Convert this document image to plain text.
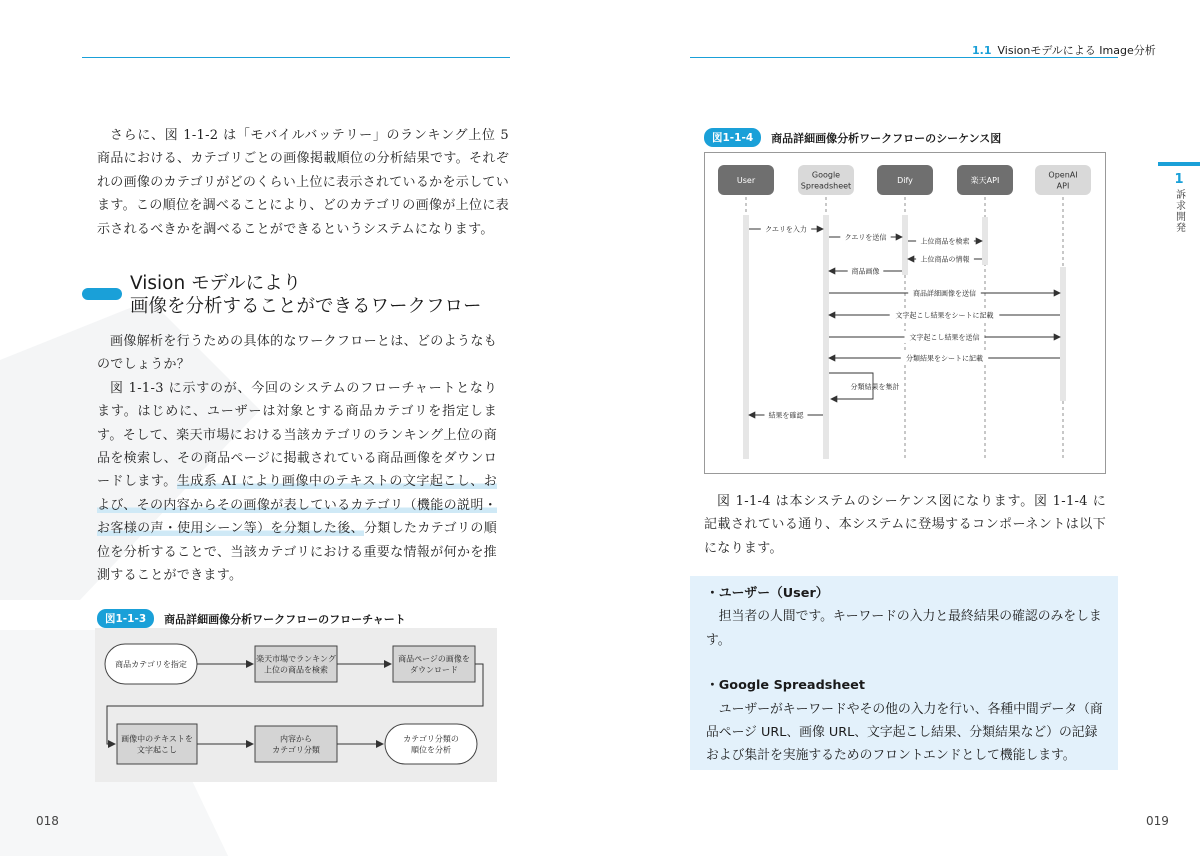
さらに、図 1-1-2 は「モバイルバッテリー」のランキング上位 5 商品における、カテゴリごとの画像掲載順位の分析結果です。それぞれの画像のカテゴリがどのくらい上位に表示されているかを示しています。この順位を調べることにより、どのカテゴリの画像が上位に表示されるべきかを調べることができるというシステムになります。

Vision モデルにより
画像を分析することができるワークフロー

画像解析を行うための具体的なワークフローとは、どのようなものでしょうか？

図 1-1-3 に示すのが、今回のシステムのフローチャートとなります。はじめに、ユーザーは対象とする商品カテゴリを指定します。そして、楽天市場における当該カテゴリのランキング上位の商品を検索し、その商品ページに掲載されている商品画像をダウンロードします。生成系 AI により画像中のテキストの文字起こし、および、その内容からその画像が表しているカテゴリ（機能の説明・お客様の声・使用シーン等）を分類した後、分類したカテゴリの順位を分析することで、当該カテゴリにおける重要な情報が何かを推測することができます。

図1-1-3	商品詳細画像分析ワークフローのフローチャート
商品カテゴリを指定
楽天市場でランキング
上位の商品を検索
商品ページの画像を
ダウンロード
画像中のテキストを
文字起こし
内容から
カテゴリ分類
カテゴリ分類の
順位を分析
018
1.1 Visionモデルによる Image分析
1
訴求開発
図1-1-4	商品詳細画像分析ワークフローのシーケンス図
User
Google
Spreadsheet
Dify	楽天API
OpenAI
API
クエリを入力
クエリを送信	上位商品を検索
上位商品の情報
商品画像
商品詳細画像を送信
文字起こし結果をシートに記載
文字起こし結果を送信
分類結果をシートに記載
分類結果を集計
結果を確認

図 1-1-4 は本システムのシーケンス図になります。図 1-1-4 に記載されている通り、本システムに登場するコンポーネントは以下になります。

・ユーザー（User）

担当者の人間です。キーワードの入力と最終結果の確認のみをします。

・Google Spreadsheet

ユーザーがキーワードやその他の入力を行い、各種中間データ（商品ページ URL、画像 URL、文字起こし結果、分類結果など）の記録および集計を実施するためのフロントエンドとして機能します。

019
